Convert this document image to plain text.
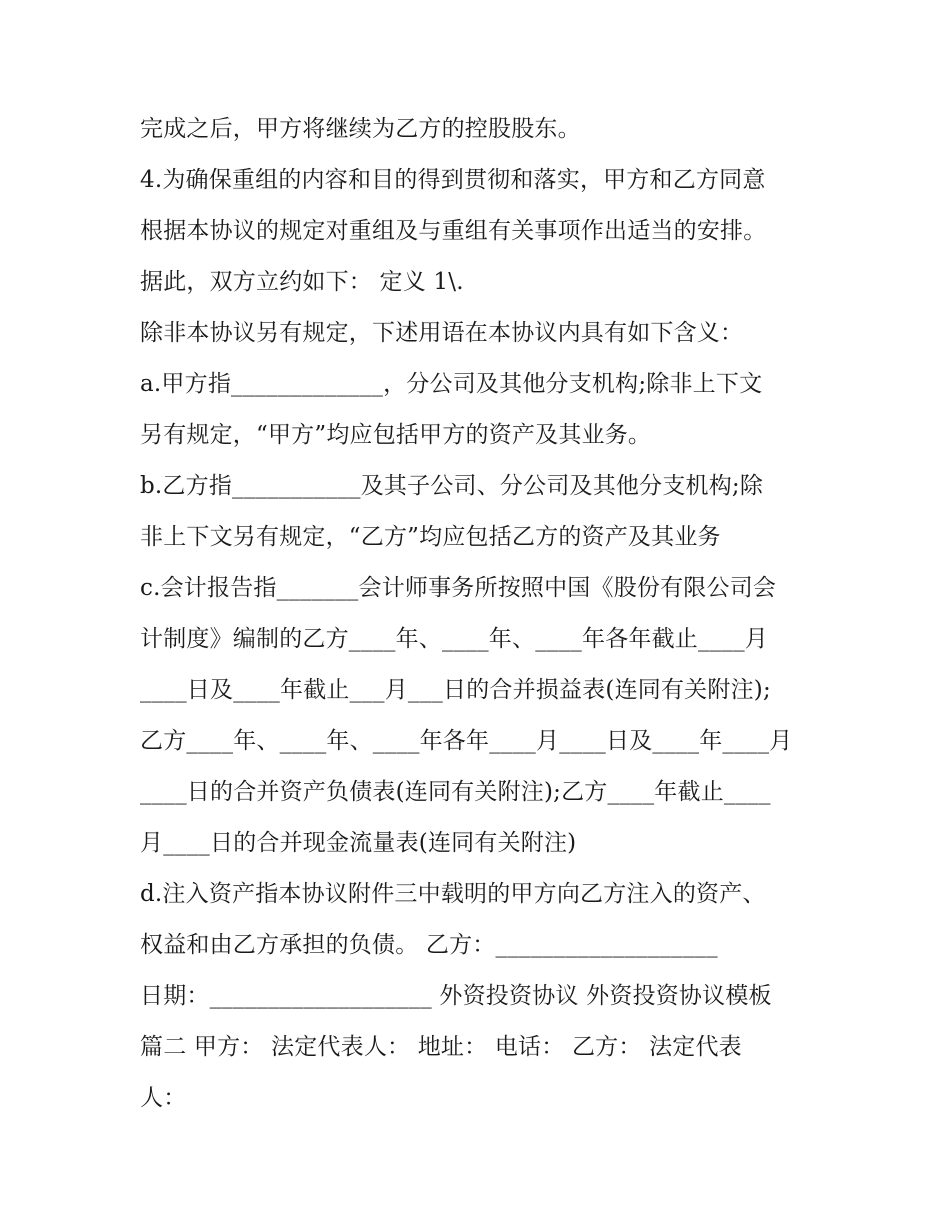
完成之后，甲方将继续为乙方的控股股东。
4.为确保重组的内容和目的得到贯彻和落实，甲方和乙方同意
根据本协议的规定对重组及与重组有关事项作出适当的安排。
据此，双方立约如下： 定义 1\.
除非本协议另有规定，下述用语在本协议内具有如下含义：
a.甲方指_____________，分公司及其他分支机构;除非上下文
另有规定，“甲方”均应包括甲方的资产及其业务。
b.乙方指___________及其子公司、分公司及其他分支机构;除
非上下文另有规定，“乙方”均应包括乙方的资产及其业务
c.会计报告指_______会计师事务所按照中国《股份有限公司会
计制度》编制的乙方____年、____年、____年各年截止____月
____日及____年截止___月___日的合并损益表(连同有关附注);
乙方____年、____年、____年各年____月____日及____年____月
____日的合并资产负债表(连同有关附注);乙方____年截止____
月____日的合并现金流量表(连同有关附注)
d.注入资产指本协议附件三中载明的甲方向乙方注入的资产、
权益和由乙方承担的负债。 乙方：___________________
日期：___________________ 外资投资协议 外资投资协议模板
篇二 甲方： 法定代表人： 地址： 电话： 乙方： 法定代表
人：
